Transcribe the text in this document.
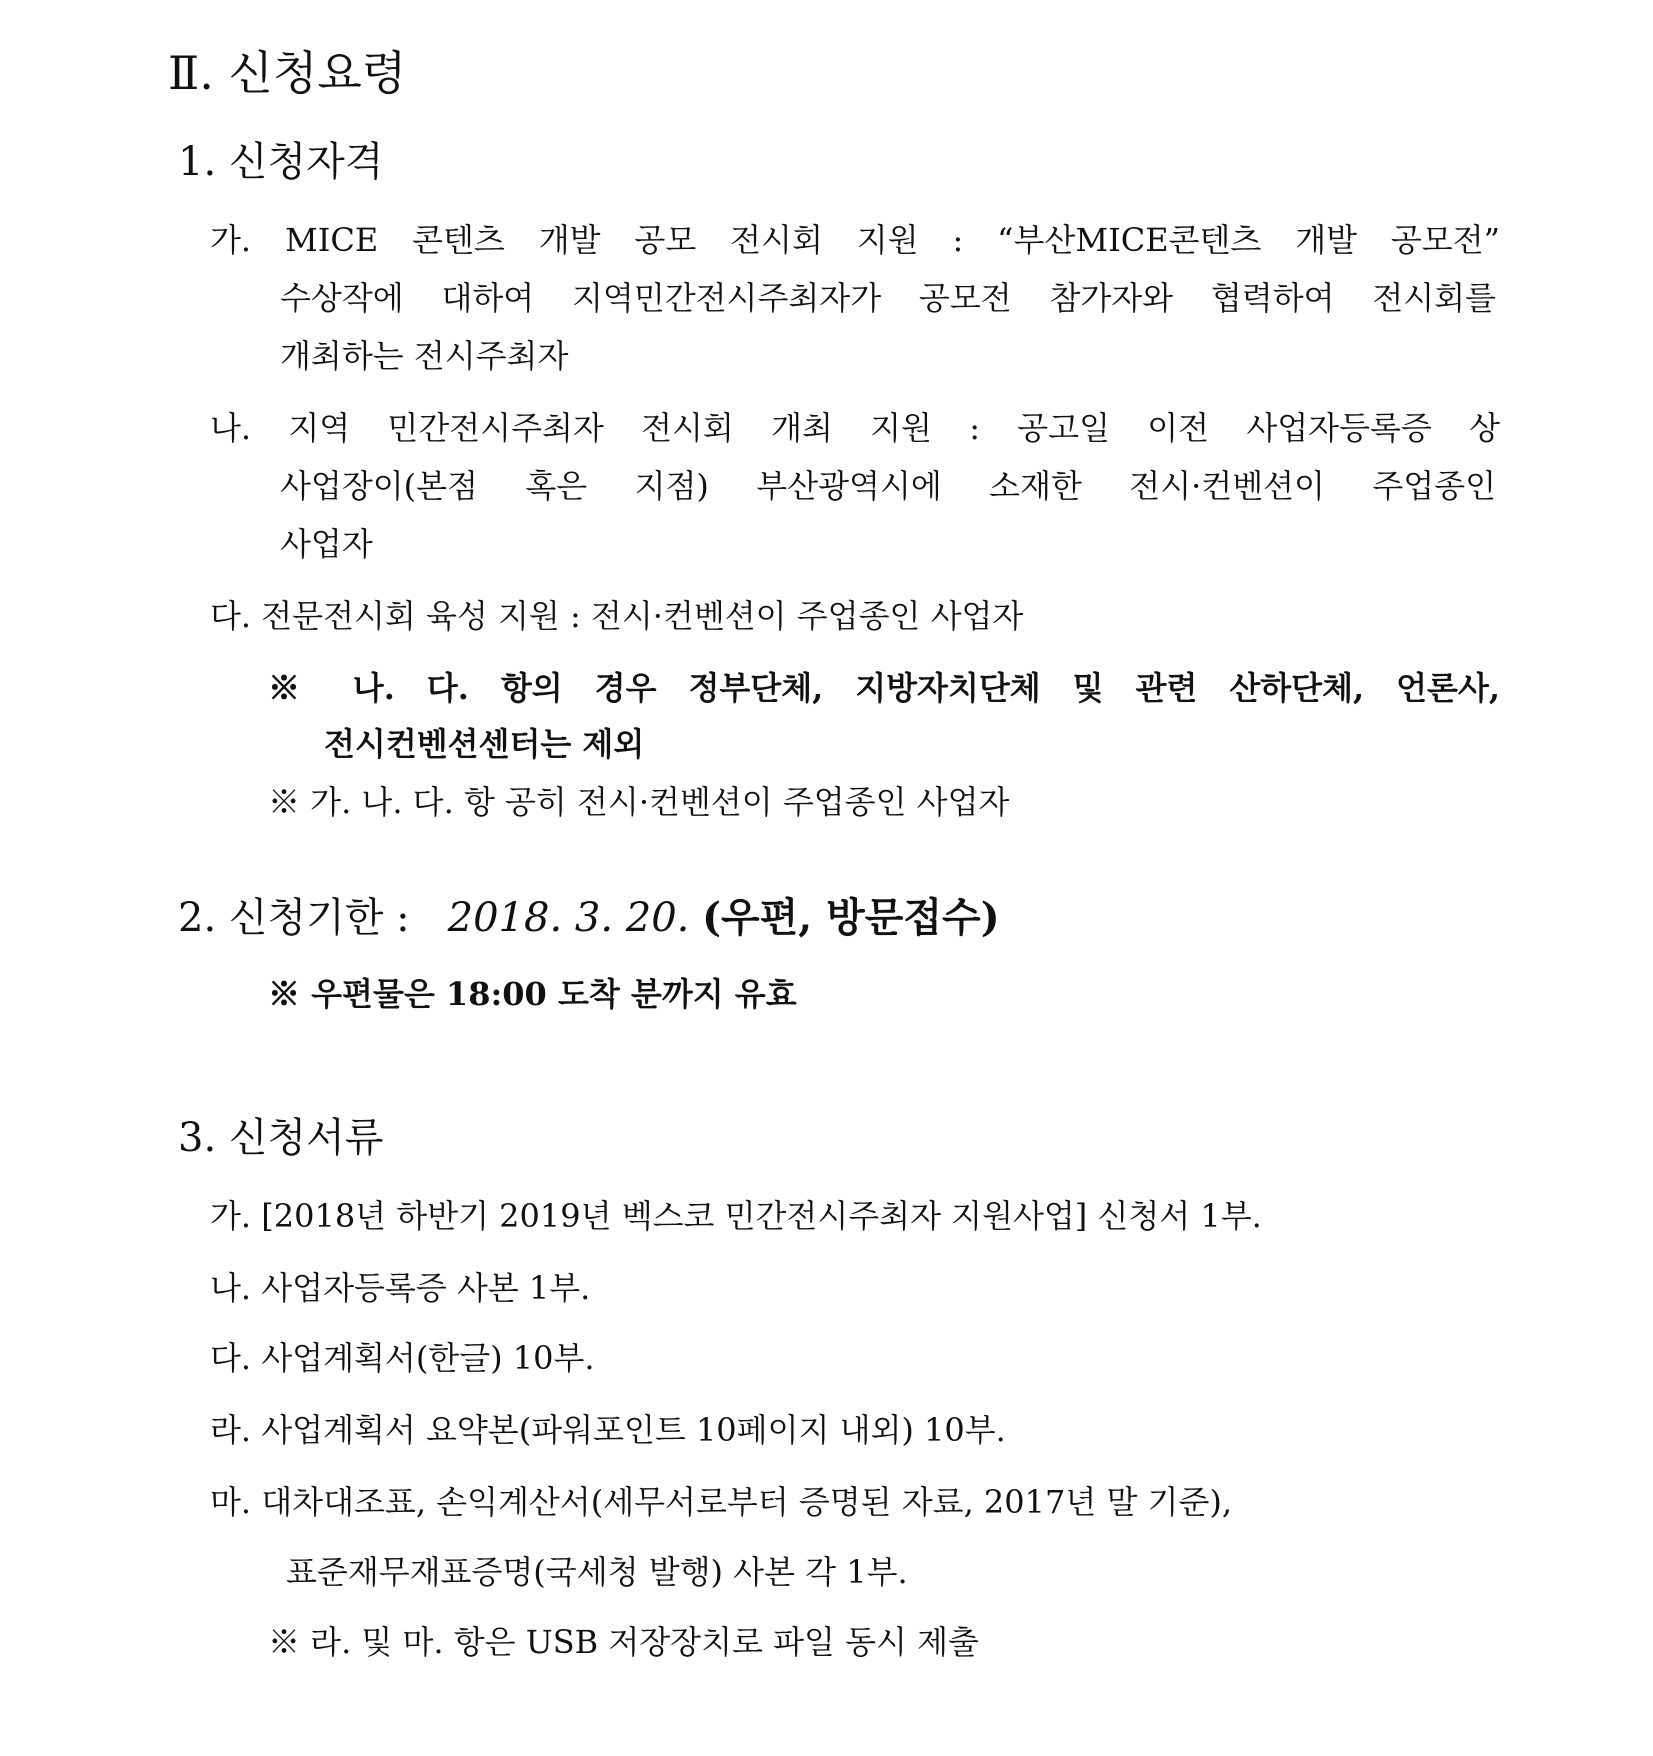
Ⅱ. 신청요령
1. 신청자격
가. MICE 콘텐츠 개발 공모 전시회 지원 : “부산MICE콘텐츠 개발 공모전”
수상작에 대하여 지역민간전시주최자가 공모전 참가자와 협력하여 전시회를
개최하는 전시주최자
나. 지역 민간전시주최자 전시회 개최 지원 : 공고일 이전 사업자등록증 상
사업장이(본점 혹은 지점) 부산광역시에 소재한 전시·컨벤션이 주업종인
사업자
다. 전문전시회 육성 지원 : 전시·컨벤션이 주업종인 사업자
※ 나. 다. 항의 경우 정부단체, 지방자치단체 및 관련 산하단체, 언론사,
전시컨벤션센터는 제외
※ 가. 나. 다. 항 공히 전시·컨벤션이 주업종인 사업자
2. 신청기한 : 2018. 3. 20. (우편, 방문접수)
※ 우편물은 18:00 도착 분까지 유효
3. 신청서류
가. [2018년 하반기 2019년 벡스코 민간전시주최자 지원사업] 신청서 1부.
나. 사업자등록증 사본 1부.
다. 사업계획서(한글) 10부.
라. 사업계획서 요약본(파워포인트 10페이지 내외) 10부.
마. 대차대조표, 손익계산서(세무서로부터 증명된 자료, 2017년 말 기준),
표준재무재표증명(국세청 발행) 사본 각 1부.
※ 라. 및 마. 항은 USB 저장장치로 파일 동시 제출
